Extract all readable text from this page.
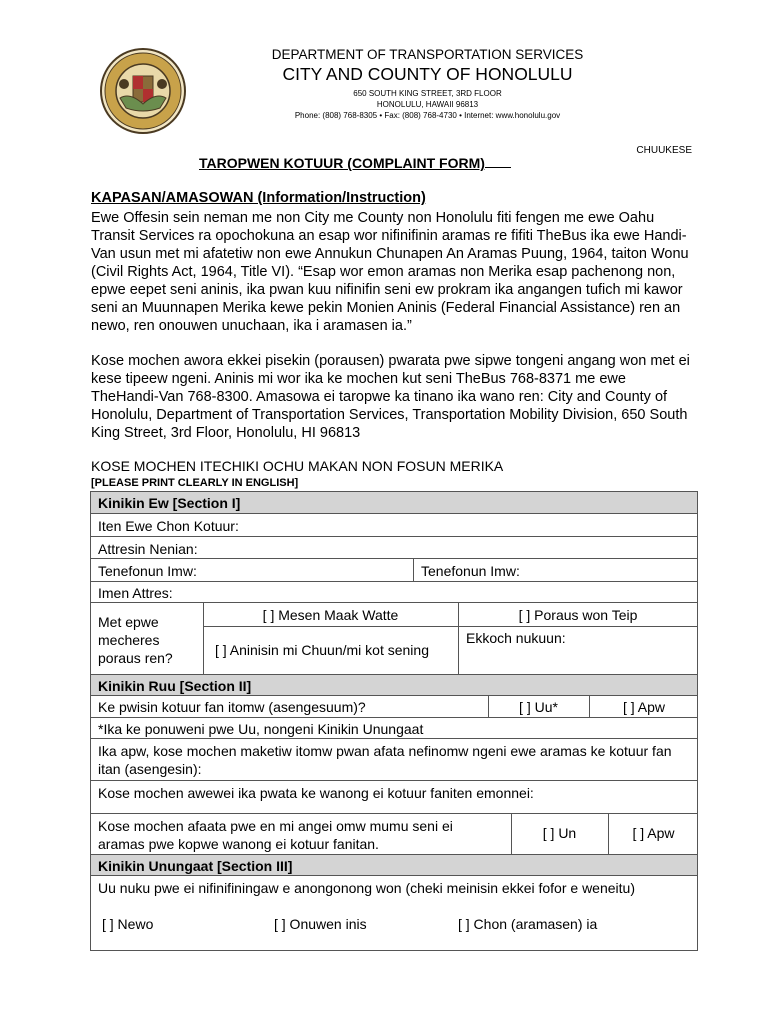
DEPARTMENT OF TRANSPORTATION SERVICES
CITY AND COUNTY OF HONOLULU
650 SOUTH KING STREET, 3RD FLOOR
HONOLULU, HAWAII 96813
Phone: (808) 768-8305 • Fax: (808) 768-4730 • Internet: www.honolulu.gov
CHUUKESE
TAROPWEN KOTUUR (COMPLAINT FORM)
KAPASAN/AMASOWAN (Information/Instruction)
Ewe Offesin sein neman me non City me County non Honolulu fiti fengen me ewe Oahu Transit Services ra opochokuna an esap wor nifinifinin aramas re fifiti TheBus ika ewe Handi-Van usun met mi afatetiw non ewe Annukun Chunapen An Aramas Puung, 1964, taiton Wonu (Civil Rights Act, 1964, Title VI). “Esap wor emon aramas non Merika esap pachenong non, epwe eepet seni aninis, ika pwan kuu nifinifin seni ew prokram ika angangen tufich mi kawor seni an Muunnapen Merika kewe pekin Monien Aninis (Federal Financial Assistance) ren an newo, ren onouwen unuchaan, ika i aramasen ia.”
Kose mochen awora ekkei pisekin (porausen) pwarata pwe sipwe tongeni angang won met ei kese tipeew ngeni. Aninis mi wor ika ke mochen kut seni TheBus 768-8371 me ewe TheHandi-Van 768-8300. Amasowa ei taropwe ka tinano ika wano ren: City and County of Honolulu, Department of Transportation Services, Transportation Mobility Division, 650 South King Street, 3rd Floor, Honolulu, HI 96813
KOSE MOCHEN ITECHIKI OCHU MAKAN NON FOSUN MERIKA
[PLEASE PRINT CLEARLY IN ENGLISH]
Kinikin Ew [Section I]
Iten Ewe Chon Kotuur:
Attresin Nenian:
Tenefonun Imw:	Tenefonun Imw:
Imen Attres:
Met epwe mecheres poraus ren?
[ ] Mesen Maak Watte	[ ] Poraus won Teip
[ ] Aninisin mi Chuun/mi kot sening
Ekkoch nukuun:
Kinikin Ruu [Section II]
Ke pwisin kotuur fan itomw (asengesuum)?	[ ] Uu*	[ ] Apw
*Ika ke ponuweni pwe Uu, nongeni Kinikin Unungaat
Ika apw, kose mochen maketiw itomw pwan afata nefinomw ngeni ewe aramas ke kotuur fan itan (asengesin):
Kose mochen awewei ika pwata ke wanong ei kotuur faniten emonnei:
Kose mochen afaata pwe en mi angei omw mumu seni ei aramas pwe kopwe wanong ei kotuur fanitan.
[ ] Un	[ ] Apw
Kinikin Unungaat [Section III]
Uu nuku pwe ei nifinifiningaw e anongonong won (cheki meinisin ekkei fofor e weneitu)
[ ] Newo	[ ] Onuwen inis	[ ] Chon (aramasen) ia
